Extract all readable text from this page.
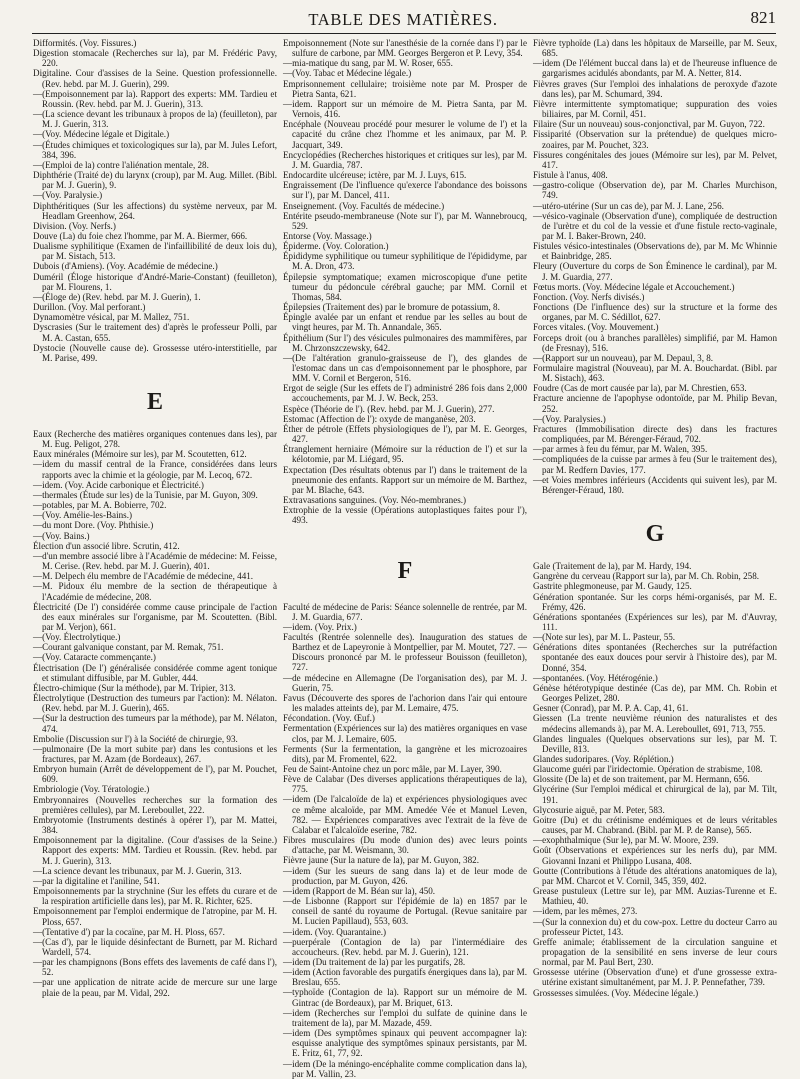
TABLE DES MATIÈRES.	821

Difformités. (Voy. Fissures.)

Digestion stomacale (Recherches sur la), par M. Frédéric Pavy, 220.

Digitaline. Cour d'assises de la Seine. Question professionnelle. (Rev. hebd. par M. J. Guerin), 299.

—(Empoisonnement par la). Rapport des experts: MM. Tardieu et Roussin. (Rev. hebd. par M. J. Guerin), 313.

—(La science devant les tribunaux à propos de la) (feuilleton), par M. J. Guerin, 313.

—(Voy. Médecine légale et Digitale.)

—(Études chimiques et toxicologiques sur la), par M. Jules Lefort, 384, 396.

—(Emploi de la) contre l'aliénation mentale, 28.

Diphthérie (Traité de) du larynx (croup), par M. Aug. Millet. (Bibl. par M. J. Guerin), 9.

—(Voy. Paralysie.)

Diphthéritiques (Sur les affections) du système nerveux, par M. Headlam Greenhow, 264.

Division. (Voy. Nerfs.)

Douve (La) du foie chez l'homme, par M. A. Biermer, 666.

Dualisme syphilitique (Examen de l'infaillibilité de deux lois du), par M. Sistach, 513.

Dubois (d'Amiens). (Voy. Académie de médecine.)

Duméril (Éloge historique d'André-Marie-Constant) (feuilleton), par M. Flourens, 1.

—(Éloge de) (Rev. hebd. par M. J. Guerin), 1.

Durillon. (Voy. Mal perforant.)

Dynamomètre vésical, par M. Mallez, 751.

Dyscrasies (Sur le traitement des) d'après le professeur Polli, par M. A. Castan, 655.

Dystocie (Nouvelle cause de). Grossesse utéro-interstitielle, par M. Parise, 499.

E

Eaux (Recherche des matières organiques contenues dans les), par M. Eug. Peligot, 278.

Eaux minérales (Mémoire sur les), par M. Scoutetten, 612.

—idem du massif central de la France, considérées dans leurs rapports avec la chimie et la géologie, par M. Lecoq, 672.

—idem. (Voy. Acide carbonique et Électricité.)

—thermales (Étude sur les) de la Tunisie, par M. Guyon, 309.

—potables, par M. A. Bobierre, 702.

—(Voy. Amélie-les-Bains.)

—du mont Dore. (Voy. Phthisie.)

—(Voy. Bains.)

Élection d'un associé libre. Scrutin, 412.

—d'un membre associé libre à l'Académie de médecine: M. Feisse, M. Cerise. (Rev. hebd. par M. J. Guerin), 401.

—M. Delpech élu membre de l'Académie de médecine, 441.

—M. Pidoux élu membre de la section de thérapeutique à l'Académie de médecine, 208.

Électricité (De l') considérée comme cause principale de l'action des eaux minérales sur l'organisme, par M. Scoutetten. (Bibl. par M. Verjon), 661.

—(Voy. Électrolytique.)

—Courant galvanique constant, par M. Remak, 751.

—(Voy. Cataracte commençante.)

Électrisation (De l') généralisée considérée comme agent tonique et stimulant diffusible, par M. Gubler, 444.

Électro-chimique (Sur la méthode), par M. Tripier, 313.

Électrolytique (Destruction des tumeurs par l'action): M. Nélaton. (Rev. hebd. par M. J. Guerin), 465.

—(Sur la destruction des tumeurs par la méthode), par M. Nélaton, 474.

Embolie (Discussion sur l') à la Société de chirurgie, 93.

—pulmonaire (De la mort subite par) dans les contusions et les fractures, par M. Azam (de Bordeaux), 267.

Embryon humain (Arrêt de développement de l'), par M. Pouchet, 609.

Embriologie (Voy. Tératologie.)

Embryonnaires (Nouvelles recherches sur la formation des premières cellules), par M. Lereboullet, 222.

Embryotomie (Instruments destinés à opérer l'), par M. Mattei, 384.

Empoisonnement par la digitaline. (Cour d'assises de la Seine.) Rapport des experts: MM. Tardieu et Roussin. (Rev. hebd. par M. J. Guerin), 313.

—La science devant les tribunaux, par M. J. Guerin, 313.

—par la digitaline et l'aniline, 541.

Empoisonnements par la strychnine (Sur les effets du curare et de la respiration artificielle dans les), par M. R. Richter, 625.

Empoisonnement par l'emploi endermique de l'atropine, par M. H. Ploss, 657.

—(Tentative d') par la cocaïne, par M. H. Ploss, 657.

—(Cas d'), par le liquide désinfectant de Burnett, par M. Richard Wardell, 574.

—par les champignons (Bons effets des lavements de café dans l'), 52.

—par une application de nitrate acide de mercure sur une large plaie de la peau, par M. Vidal, 292.

Empoisonnement (Note sur l'anesthésie de la cornée dans l') par le sulfure de carbone, par MM. Georges Bergeron et P. Levy, 354.

—mia-matique du sang, par M. W. Roser, 655.

—(Voy. Tabac et Médecine légale.)

Emprisonnement cellulaire; troisième note par M. Prosper de Pietra Santa, 621.

—idem. Rapport sur un mémoire de M. Pietra Santa, par M. Vernois, 416.

Encéphale (Nouveau procédé pour mesurer le volume de l') et la capacité du crâne chez l'homme et les animaux, par M. P. Jacquart, 349.

Encyclopédies (Recherches historiques et critiques sur les), par M. J. M. Guardia, 787.

Endocardite ulcéreuse; ictère, par M. J. Luys, 615.

Engraissement (De l'influence qu'exerce l'abondance des boissons sur l'), par M. Dancel, 411.

Enseignement. (Voy. Facultés de médecine.)

Entérite pseudo-membraneuse (Note sur l'), par M. Wannebroucq, 529.

Entorse (Voy. Massage.)

Épiderme. (Voy. Coloration.)

Épididyme syphilitique ou tumeur syphilitique de l'épididyme, par M. A. Dron, 473.

Épilepsie symptomatique; examen microscopique d'une petite tumeur du pédoncule cérébral gauche; par MM. Cornil et Thomas, 584.

Épilepsies (Traitement des) par le bromure de potassium, 8.

Épingle avalée par un enfant et rendue par les selles au bout de vingt heures, par M. Th. Annandale, 365.

Épithélium (Sur l') des vésicules pulmonaires des mammifères, par M. Chrzonszczewsky, 642.

—(De l'altération granulo-graisseuse de l'), des glandes de l'estomac dans un cas d'empoisonnement par le phosphore, par MM. V. Cornil et Bergeron, 516.

Ergot de seigle (Sur les effets de l') administré 286 fois dans 2,000 accouchements, par M. J. W. Beck, 253.

Espèce (Théorie de l'). (Rev. hebd. par M. J. Guerin), 277.

Estomac (Affection de l'): oxyde de manganèse, 203.

Éther de pétrole (Effets physiologiques de l'), par M. E. Georges, 427.

Étranglement herniaire (Mémoire sur la réduction de l') et sur la kélotomie, par M. Liégard, 95.

Expectation (Des résultats obtenus par l') dans le traitement de la pneumonie des enfants. Rapport sur un mémoire de M. Barthez, par M. Blache, 643.

Extravasations sanguines. (Voy. Néo-membranes.)

Extrophie de la vessie (Opérations autoplastiques faites pour l'), 493.

F

Faculté de médecine de Paris: Séance solennelle de rentrée, par M. J. M. Guardia, 677.

—idem. (Voy. Prix.)

Facultés (Rentrée solennelle des). Inauguration des statues de Barthez et de Lapeyronie à Montpellier, par M. Moutet, 727. — Discours prononcé par M. le professeur Bouisson (feuilleton), 727.

—de médecine en Allemagne (De l'organisation des), par M. J. Guerin, 75.

Favus (Découverte des spores de l'achorion dans l'air qui entoure les malades atteints de), par M. Lemaire, 475.

Fécondation. (Voy. Œuf.)

Fermentation (Expériences sur la) des matières organiques en vase clos, par M. J. Lemaire, 605.

Ferments (Sur la fermentation, la gangrène et les microzoaires dits), par M. Fromentel, 622.

Feu de Saint-Antoine chez un porc mâle, par M. Layer, 390.

Fève de Calabar (Des diverses applications thérapeutiques de la), 775.

—idem (De l'alcaloïde de la) et expériences physiologiques avec ce même alcaloïde, par MM. Amedée Vée et Manuel Leven, 782. — Expériences comparatives avec l'extrait de la fève de Calabar et l'alcaloïde eserine, 782.

Fibres musculaires (Du mode d'union des) avec leurs points d'attache, par M. Weismann, 30.

Fièvre jaune (Sur la nature de la), par M. Guyon, 382.

—idem (Sur les sueurs de sang dans la) et de leur mode de production, par M. Guyon, 426.

—idem (Rapport de M. Béan sur la), 450.

—de Lisbonne (Rapport sur l'épidémie de la) en 1857 par le conseil de santé du royaume de Portugal. (Revue sanitaire par M. Lucien Papillaud), 553, 603.

—idem. (Voy. Quarantaine.)

—puerpérale (Contagion de la) par l'intermédiaire des accoucheurs. (Rev. hebd. par M. J. Guerin), 121.

—idem (Du traitement de la) par les purgatifs, 28.

—idem (Action favorable des purgatifs énergiques dans la), par M. Breslau, 655.

—typhoïde (Contagion de la). Rapport sur un mémoire de M. Gintrac (de Bordeaux), par M. Briquet, 613.

—idem (Recherches sur l'emploi du sulfate de quinine dans le traitement de la), par M. Mazade, 459.

—idem (Des symptômes spinaux qui peuvent accompagner la): esquisse analytique des symptômes spinaux persistants, par M. E. Fritz, 61, 77, 92.

—idem (De la méningo-encéphalite comme complication dans la), par M. Vallin, 23.

Fièvre typhoïde (La) dans les hôpitaux de Marseille, par M. Seux, 685.

—idem (De l'élément buccal dans la) et de l'heureuse influence de gargarismes acidulés abondants, par M. A. Netter, 814.

Fièvres graves (Sur l'emploi des inhalations de peroxyde d'azote dans les), par M. Schumard, 394.

Fièvre intermittente symptomatique; suppuration des voies biliaires, par M. Cornil, 451.

Filaire (Sur un nouveau) sous-conjonctival, par M. Guyon, 722.

Fissiparité (Observation sur la prétendue) de quelques micro-zoaires, par M. Pouchet, 323.

Fissures congénitales des joues (Mémoire sur les), par M. Pelvet, 417.

Fistule à l'anus, 408.

—gastro-colique (Observation de), par M. Charles Murchison, 749.

—utéro-utérine (Sur un cas de), par M. J. Lane, 256.

—vésico-vaginale (Observation d'une), compliquée de destruction de l'urètre et du col de la vessie et d'une fistule recto-vaginale, par M. I. Baker-Brown, 240.

Fistules vésico-intestinales (Observations de), par M. Mc Whinnie et Bainbridge, 285.

Fleury (Ouverture du corps de Son Éminence le cardinal), par M. J. M. Guardia, 277.

Fœtus morts. (Voy. Médecine légale et Accouchement.)

Fonction. (Voy. Nerfs divisés.)

Fonctions (De l'influence des) sur la structure et la forme des organes, par M. C. Sédillot, 627.

Forces vitales. (Voy. Mouvement.)

Forceps droit (ou à branches parallèles) simplifié, par M. Hamon (de Fresnay), 516.

—(Rapport sur un nouveau), par M. Depaul, 3, 8.

Formulaire magistral (Nouveau), par M. A. Bouchardat. (Bibl. par M. Sistach), 463.

Foudre (Cas de mort causée par la), par M. Chrestien, 653.

Fracture ancienne de l'apophyse odontoïde, par M. Philip Bevan, 252.

—(Voy. Paralysies.)

Fractures (Immobilisation directe des) dans les fractures compliquées, par M. Bérenger-Féraud, 702.

—par armes à feu du fémur, par M. Walen, 395.

—compliquées de la cuisse par armes à feu (Sur le traitement des), par M. Redfern Davies, 177.

—et Voies membres inférieurs (Accidents qui suivent les), par M. Bérenger-Féraud, 180.

G

Gale (Traitement de la), par M. Hardy, 194.

Gangrène du cerveau (Rapport sur la), par M. Ch. Robin, 258.

Gastrite phlegmoneuse, par M. Gaudy, 125.

Génération spontanée. Sur les corps hémi-organisés, par M. E. Frémy, 426.

Générations spontanées (Expériences sur les), par M. d'Auvray, 111.

—(Note sur les), par M. L. Pasteur, 55.

Générations dites spontanées (Recherches sur la putréfaction spontanée des eaux douces pour servir à l'histoire des), par M. Donné, 354.

—spontanées. (Voy. Hétérogénie.)

Génèse hétérotypique destinée (Cas de), par MM. Ch. Robin et Georges Pelizet, 280.

Gesner (Conrad), par M. P. A. Cap, 41, 61.

Giessen (La trente neuvième réunion des naturalistes et des médecins allemands à), par M. A. Lereboullet, 691, 713, 755.

Glandes linguales (Quelques observations sur les), par M. T. Deville, 813.

Glandes sudoripares. (Voy. Réplétion.)

Glaucome guéri par l'iridectomie. Opération de strabisme, 108.

Glossite (De la) et de son traitement, par M. Hermann, 656.

Glycérine (Sur l'emploi médical et chirurgical de la), par M. Tilt, 191.

Glycosurie aiguë, par M. Peter, 583.

Goitre (Du) et du crétinisme endémiques et de leurs véritables causes, par M. Chabrand. (Bibl. par M. P. de Ranse), 565.

—exophthalmique (Sur le), par M. W. Moore, 239.

Goût (Observations et expériences sur les nerfs du), par MM. Giovanni Inzani et Philippo Lusana, 408.

Goutte (Contributions à l'étude des altérations anatomiques de la), par MM. Charcot et V. Cornil, 345, 359, 402.

Grease pustuleux (Lettre sur le), par MM. Auzias-Turenne et E. Mathieu, 40.

—idem, par les mêmes, 273.

—(Sur la connexion du) et du cow-pox. Lettre du docteur Carro au professeur Pictet, 143.

Greffe animale; établissement de la circulation sanguine et propagation de la sensibilité en sens inverse de leur cours normal, par M. Paul Bert, 230.

Grossesse utérine (Observation d'une) et d'une grossesse extra-utérine existant simultanément, par M. J. P. Pennefather, 739.

Grossesses simulées. (Voy. Médecine légale.)
